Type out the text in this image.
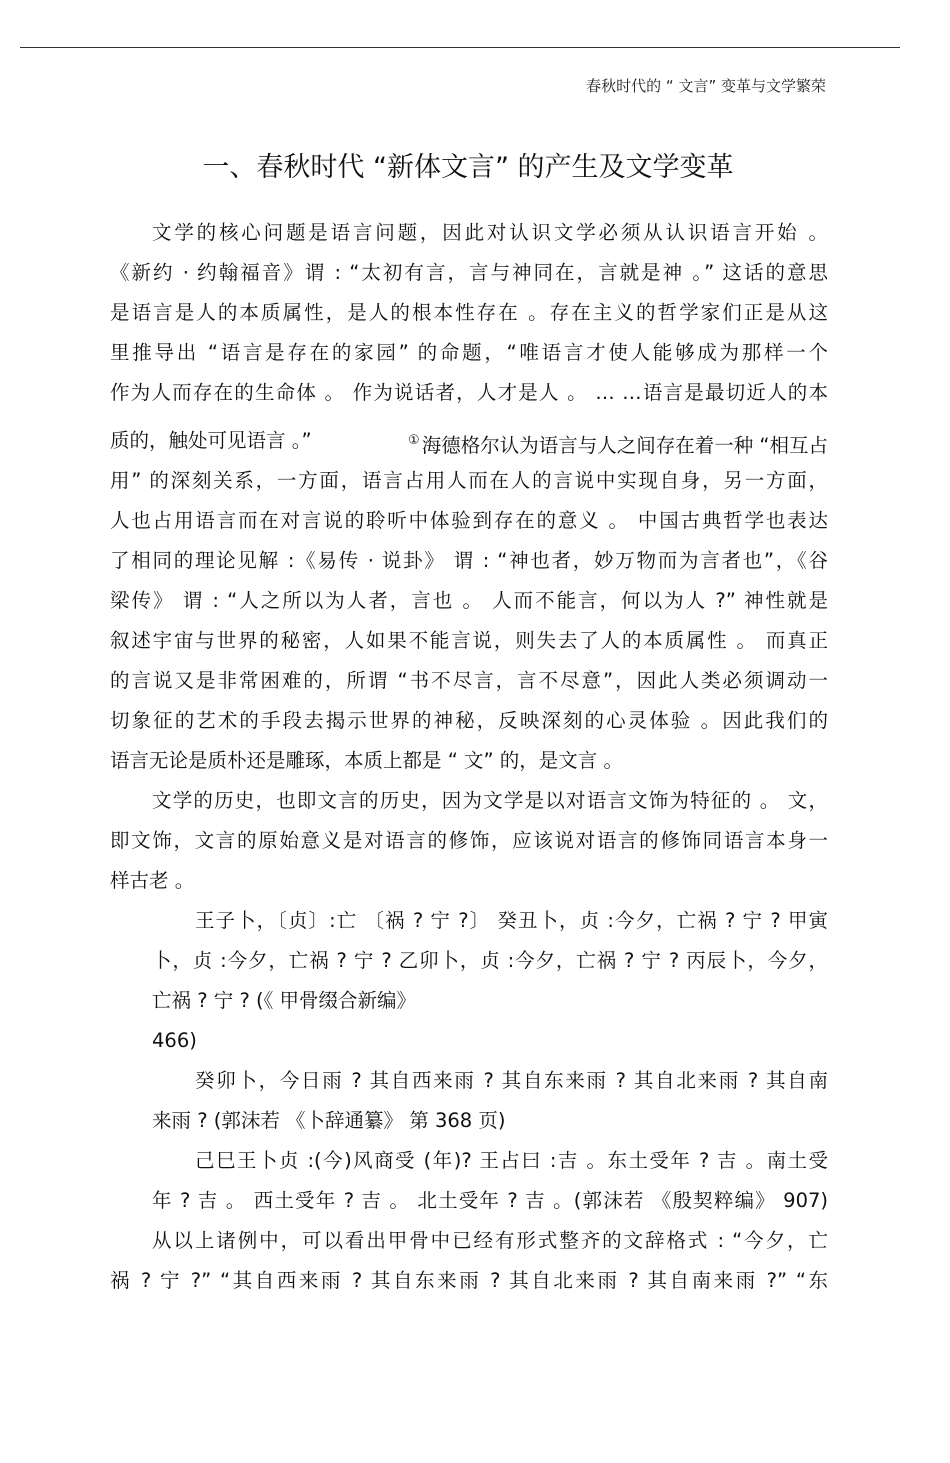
春秋时代的 “ 文言” 变革与文学繁荣
一、春秋时代 “新体文言” 的产生及文学变革
文学的核心问题是语言问题，因此对认识文学必须从认识语言开始 。
《新约 · 约翰福音》谓 : “太初有言，言与神同在，言就是神 。” 这话的意思
是语言是人的本质属性，是人的根本性存在 。存在主义的哲学家们正是从这
里推导出 “语言是存在的家园” 的命题，“唯语言才使人能够成为那样一个
作为人而存在的生命体 。 作为说话者，人才是人 。 … …语言是最切近人的本
质的，触处可见语言 。”	① 海德格尔认为语言与人之间存在着一种 “相互占
用” 的深刻关系，一方面，语言占用人而在人的言说中实现自身，另一方面，
人也占用语言而在对言说的聆听中体验到存在的意义 。 中国古典哲学也表达
了相同的理论见解 :《易传 · 说卦》 谓 : “神也者，妙万物而为言者也”，《谷
梁传》 谓 : “人之所以为人者，言也 。 人而不能言，何以为人 ?” 神性就是
叙述宇宙与世界的秘密，人如果不能言说，则失去了人的本质属性 。 而真正
的言说又是非常困难的，所谓 “书不尽言，言不尽意”，因此人类必须调动一
切象征的艺术的手段去揭示世界的神秘，反映深刻的心灵体验 。因此我们的
语言无论是质朴还是雕琢，本质上都是 “ 文” 的，是文言 。
文学的历史，也即文言的历史，因为文学是以对语言文饰为特征的 。 文，
即文饰，文言的原始意义是对语言的修饰，应该说对语言的修饰同语言本身一
样古老 。
王子卜，〔贞〕:亡 〔祸 ? 宁 ?〕 癸丑卜，贞 :今夕，亡祸 ? 宁 ? 甲寅
卜，贞 :今夕，亡祸 ? 宁 ? 乙卯卜，贞 :今夕，亡祸 ? 宁 ? 丙辰卜，今夕，
亡祸 ? 宁 ? (《 甲骨缀合新编》
466)
癸卯卜，今日雨 ? 其自西来雨 ? 其自东来雨 ? 其自北来雨 ? 其自南
来雨 ? (郭沫若 《卜辞通纂》 第 368 页)
己巳王卜贞 :(今)风商受 (年)? 王占曰 :吉 。东土受年 ? 吉 。南土受
年 ? 吉 。 西土受年 ? 吉 。 北土受年 ? 吉 。(郭沫若 《殷契粹编》 907)
从以上诸例中，可以看出甲骨中已经有形式整齐的文辞格式 : “今夕，亡
祸 ? 宁 ?” “其自西来雨 ? 其自东来雨 ? 其自北来雨 ? 其自南来雨 ?” “东
